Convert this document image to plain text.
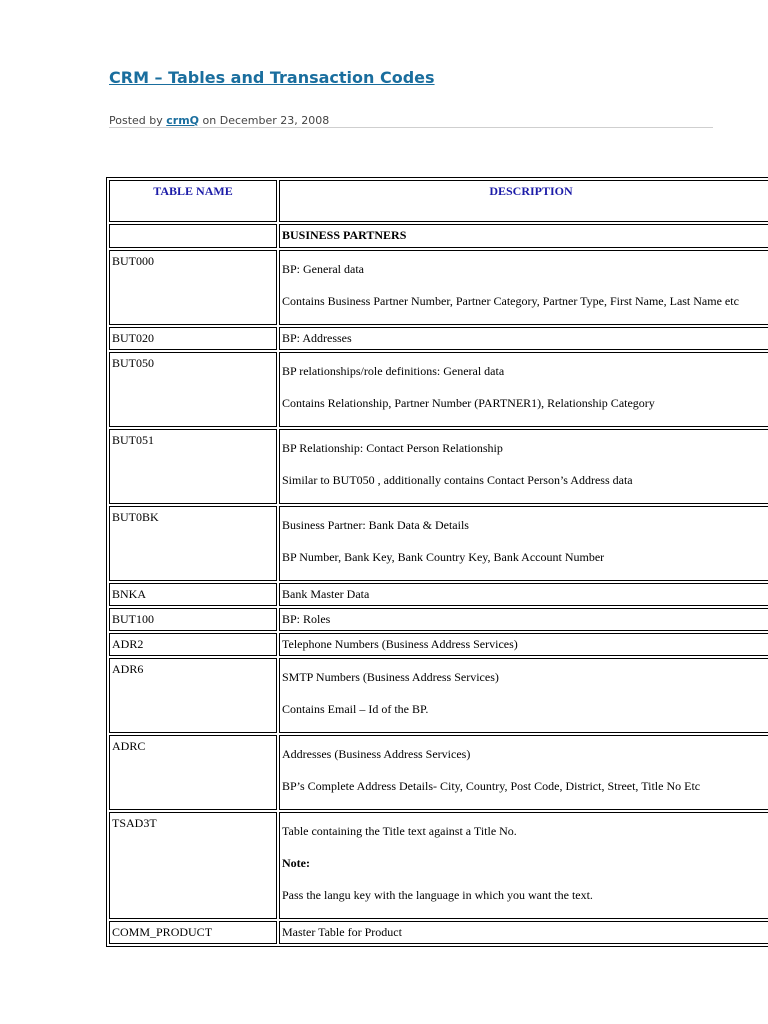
CRM – Tables and Transaction Codes
Posted by crmQ on December 23, 2008
TABLE NAME	DESCRIPTION
	BUSINESS PARTNERS
BUT000	BP: General data

Contains Business Partner Number, Partner Category, Partner Type, First Name, Last Name etc

BUT020	BP: Addresses

BUT050	BP relationships/role definitions: General data

Contains Relationship, Partner Number (PARTNER1), Relationship Category

BUT051	BP Relationship: Contact Person Relationship

Similar to BUT050 , additionally contains Contact Person’s Address data

BUT0BK	Business Partner: Bank Data & Details

BP Number, Bank Key, Bank Country Key, Bank Account Number

BNKA	Bank Master Data

BUT100	BP: Roles

ADR2	Telephone Numbers (Business Address Services)

ADR6	SMTP Numbers (Business Address Services)

Contains Email – Id of the BP.

ADRC	Addresses (Business Address Services)

BP’s Complete Address Details- City, Country, Post Code, District, Street, Title No Etc

TSAD3T	Table containing the Title text against a Title No.

Note:

Pass the langu key with the language in which you want the text.

COMM_PRODUCT	Master Table for Product
